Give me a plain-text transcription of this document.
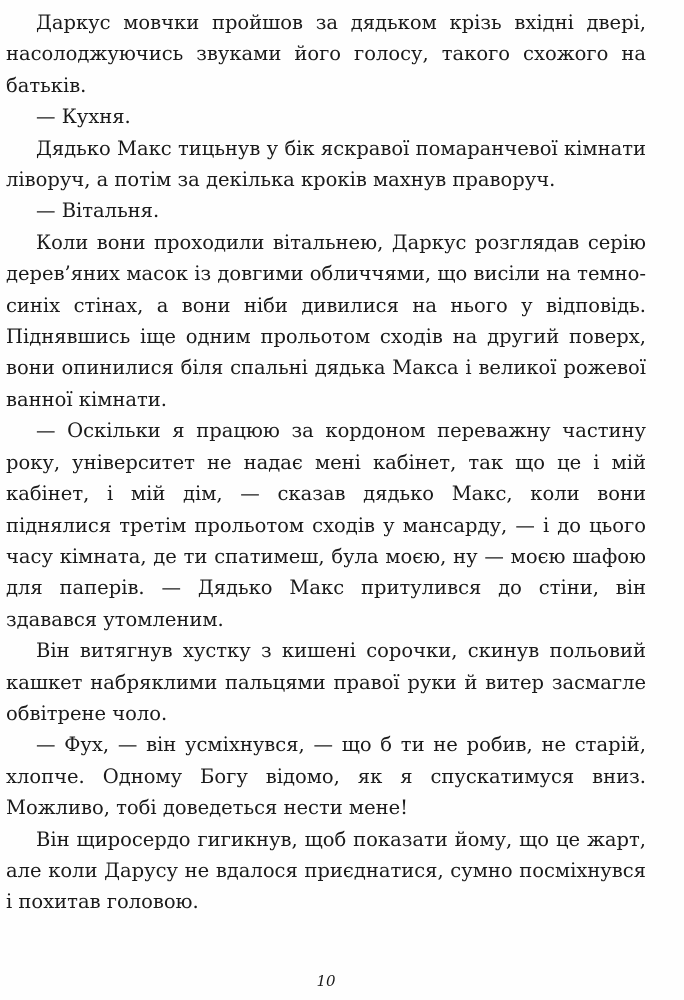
Даркус мовчки пройшов за дядьком крізь вхідні двері, насолоджуючись звуками його голосу, такого схожого на батьків.

— Кухня.

Дядько Макс тицьнув у бік яскравої помаранчевої кімнати ліворуч, а потім за декілька кроків махнув праворуч.

— Вітальня.

Коли вони проходили вітальнею, Даркус розглядав серію дерев’яних масок із довгими обличчями, що висіли на темно-синіх стінах, а вони ніби дивилися на нього у відповідь. Піднявшись іще одним прольотом сходів на другий поверх, вони опинилися біля спальні дядька Макса і великої рожевої ванної кімнати.

— Оскільки я працюю за кордоном переважну частину року, університет не надає мені кабінет, так що це і мій кабінет, і мій дім, — сказав дядько Макс, коли вони піднялися третім прольотом сходів у мансарду, — і до цього часу кімната, де ти спатимеш, була моєю, ну — моєю шафою для паперів. — Дядько Макс притулився до стіни, він здавався утомленим.

Він витягнув хустку з кишені сорочки, скинув польовий кашкет набряклими пальцями правої руки й витер засмагле обвітрене чоло.

— Фух, — він усміхнувся, — що б ти не робив, не старій, хлопче. Одному Богу відомо, як я спускатимуся вниз. Можливо, тобі доведеться нести мене!

Він щиросердо гигикнув, щоб показати йому, що це жарт, але коли Дарусу не вдалося приєднатися, сумно посміхнувся і похитав головою.

10
